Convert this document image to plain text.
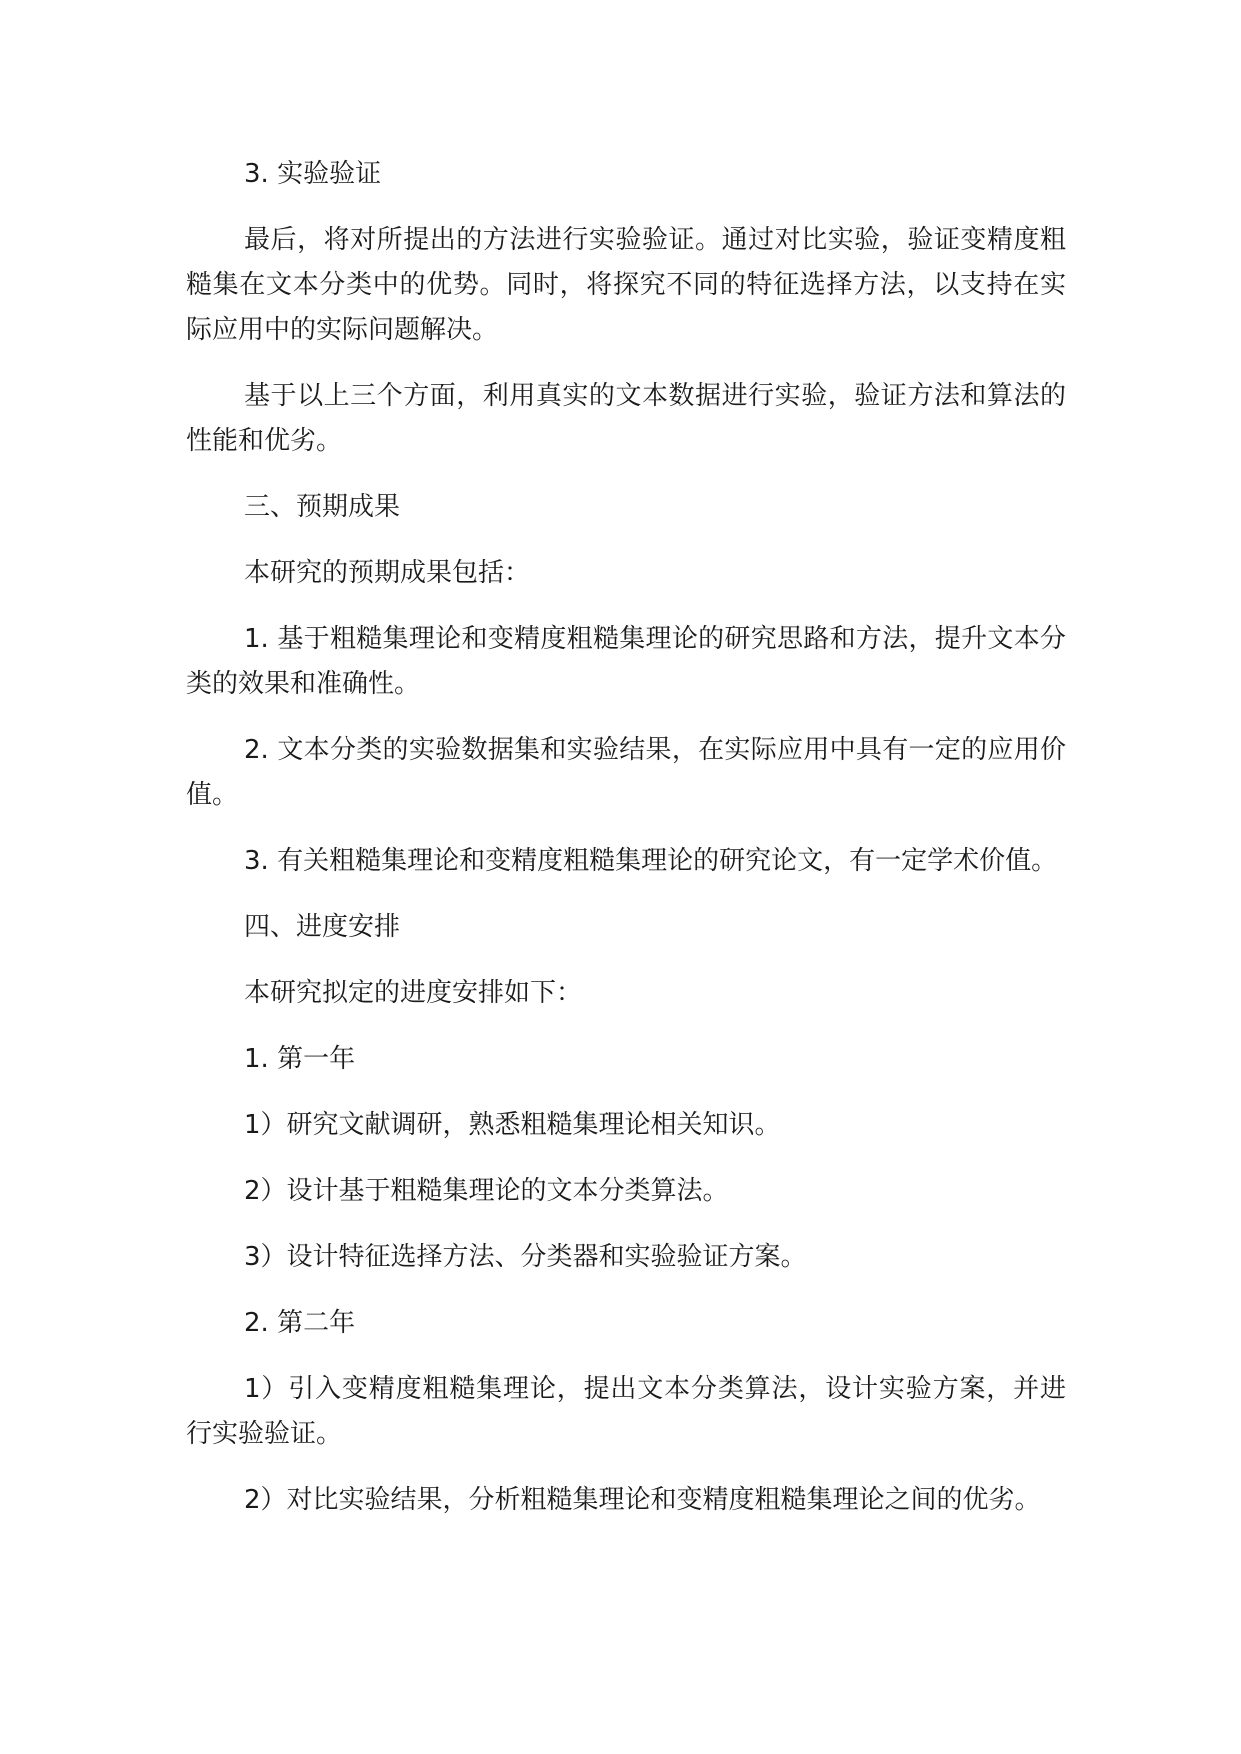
3. 实验验证

最后，将对所提出的方法进行实验验证。通过对比实验，验证变精度粗糙集在文本分类中的优势。同时，将探究不同的特征选择方法，以支持在实际应用中的实际问题解决。

基于以上三个方面，利用真实的文本数据进行实验，验证方法和算法的性能和优劣。

三、预期成果

本研究的预期成果包括：

1. 基于粗糙集理论和变精度粗糙集理论的研究思路和方法，提升文本分类的效果和准确性。

2. 文本分类的实验数据集和实验结果，在实际应用中具有一定的应用价值。

3. 有关粗糙集理论和变精度粗糙集理论的研究论文，有一定学术价值。

四、进度安排

本研究拟定的进度安排如下：

1. 第一年

1）研究文献调研，熟悉粗糙集理论相关知识。

2）设计基于粗糙集理论的文本分类算法。

3）设计特征选择方法、分类器和实验验证方案。

2. 第二年

1）引入变精度粗糙集理论，提出文本分类算法，设计实验方案，并进行实验验证。

2）对比实验结果，分析粗糙集理论和变精度粗糙集理论之间的优劣。
